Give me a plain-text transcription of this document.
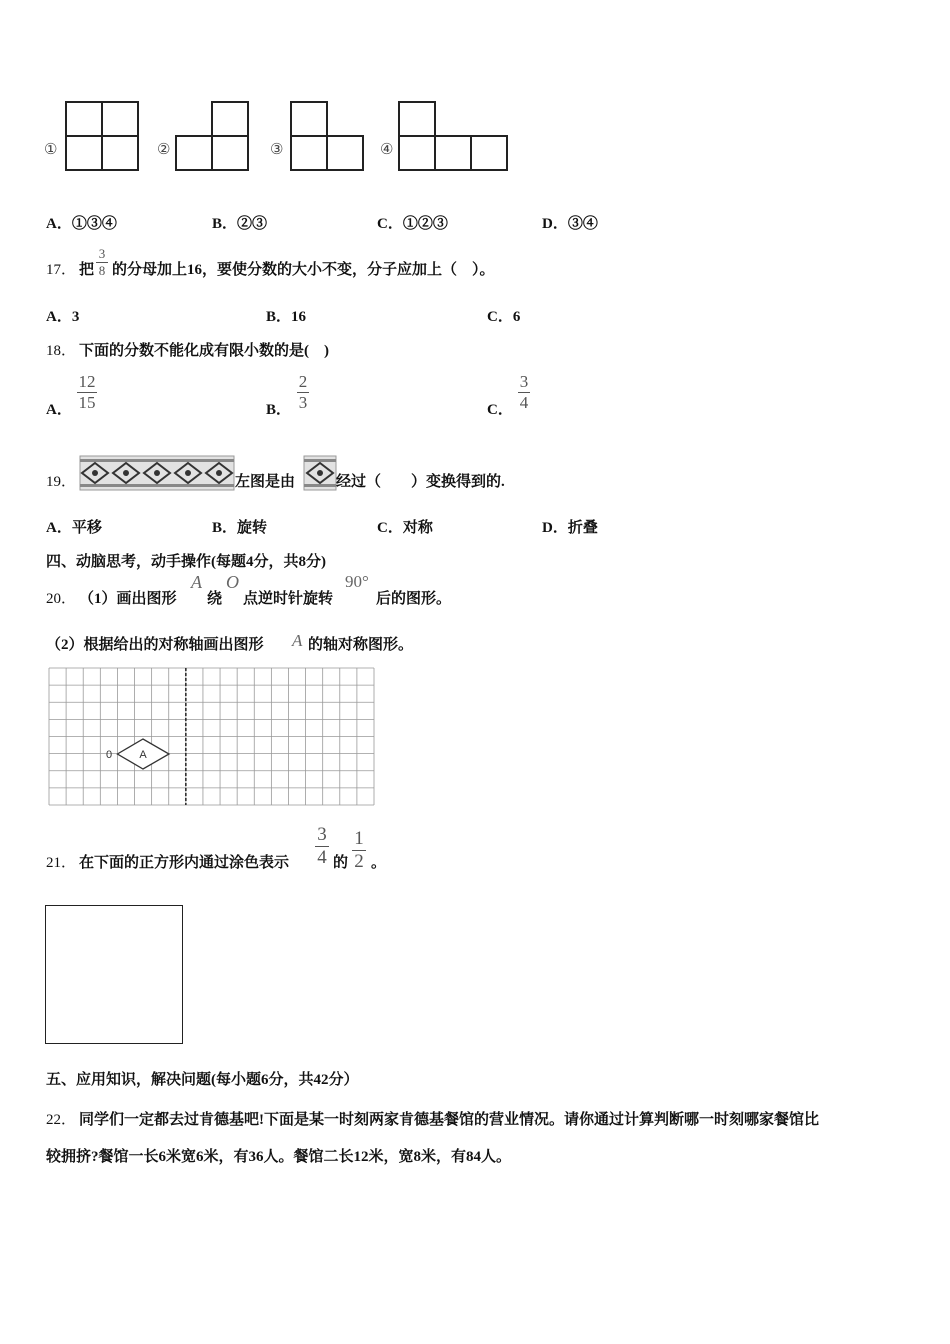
①	②	③	④
A．①③④	B．②③	C．①②③	D．③④
17． 把
3
8 的分母加上16，要使分数的大小不变，分子应加上（　）。
A．3	B．16	C．6
18． 下面的分数不能化成有限小数的是(　)
A．
12
15	B．
2
3	C．
3
4
19．	左图是由	经过（　　）变换得到的.
A．平移	B．旋转	C．对称	D．折叠
四、动脑思考，动手操作(每题4分，共8分)
20． （1）画出图形
A
绕
O
点逆时针旋转
90°
后的图形。
（2）根据给出的对称轴画出图形 A 的轴对称图形。
A
0
21． 在下面的正方形内通过涂色表示
3
4 的
1
2 。
五、应用知识，解决问题(每小题6分，共42分）
22． 同学们一定都去过肯德基吧!下面是某一时刻两家肯德基餐馆的营业情况。请你通过计算判断哪一时刻哪家餐馆比
较拥挤?餐馆一长6米宽6米，有36人。餐馆二长12米，宽8米，有84人。
